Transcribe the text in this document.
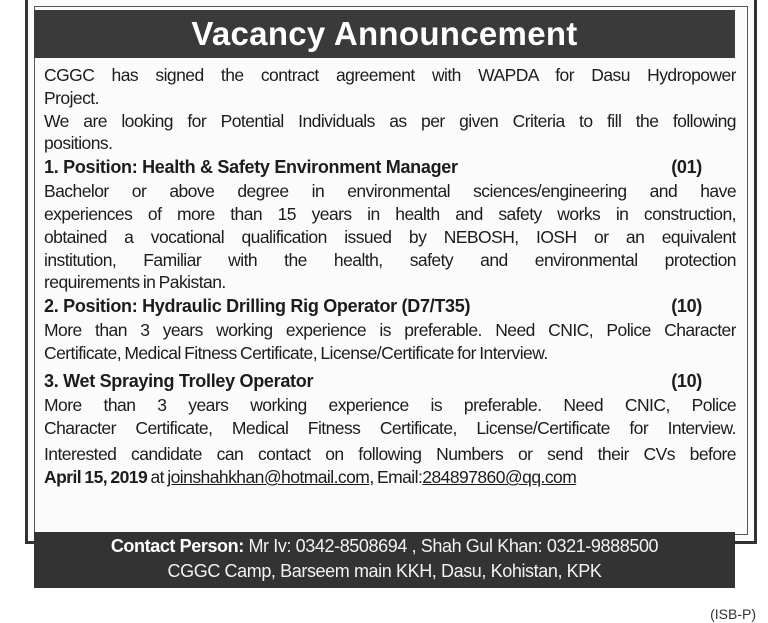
Vacancy Announcement
CGGC has signed the contract agreement with WAPDA for Dasu Hydropower
Project.
We are looking for Potential Individuals as per given Criteria to fill the following
positions.
1. Position: Health & Safety Environment Manager	(01)
Bachelor or above degree in environmental sciences/engineering and have
experiences of more than 15 years in health and safety works in construction,
obtained a vocational qualification issued by NEBOSH, IOSH or an equivalent
institution, Familiar with the health, safety and environmental protection
requirements in Pakistan.
2. Position: Hydraulic Drilling Rig Operator (D7/T35)	(10)
More than 3 years working experience is preferable. Need CNIC, Police Character
Certificate, Medical Fitness Certificate, License/Certificate for Interview.
3. Wet Spraying Trolley Operator	(10)
More than 3 years working experience is preferable. Need CNIC, Police
Character Certificate, Medical Fitness Certificate, License/Certificate for Interview.
Interested candidate can contact on following Numbers or send their CVs before
April 15, 2019 at joinshahkhan@hotmail.com, Email:284897860@qq.com
Contact Person: Mr Iv: 0342-8508694 , Shah Gul Khan: 0321-9888500
CGGC Camp, Barseem main KKH, Dasu, Kohistan, KPK
(ISB-P)
